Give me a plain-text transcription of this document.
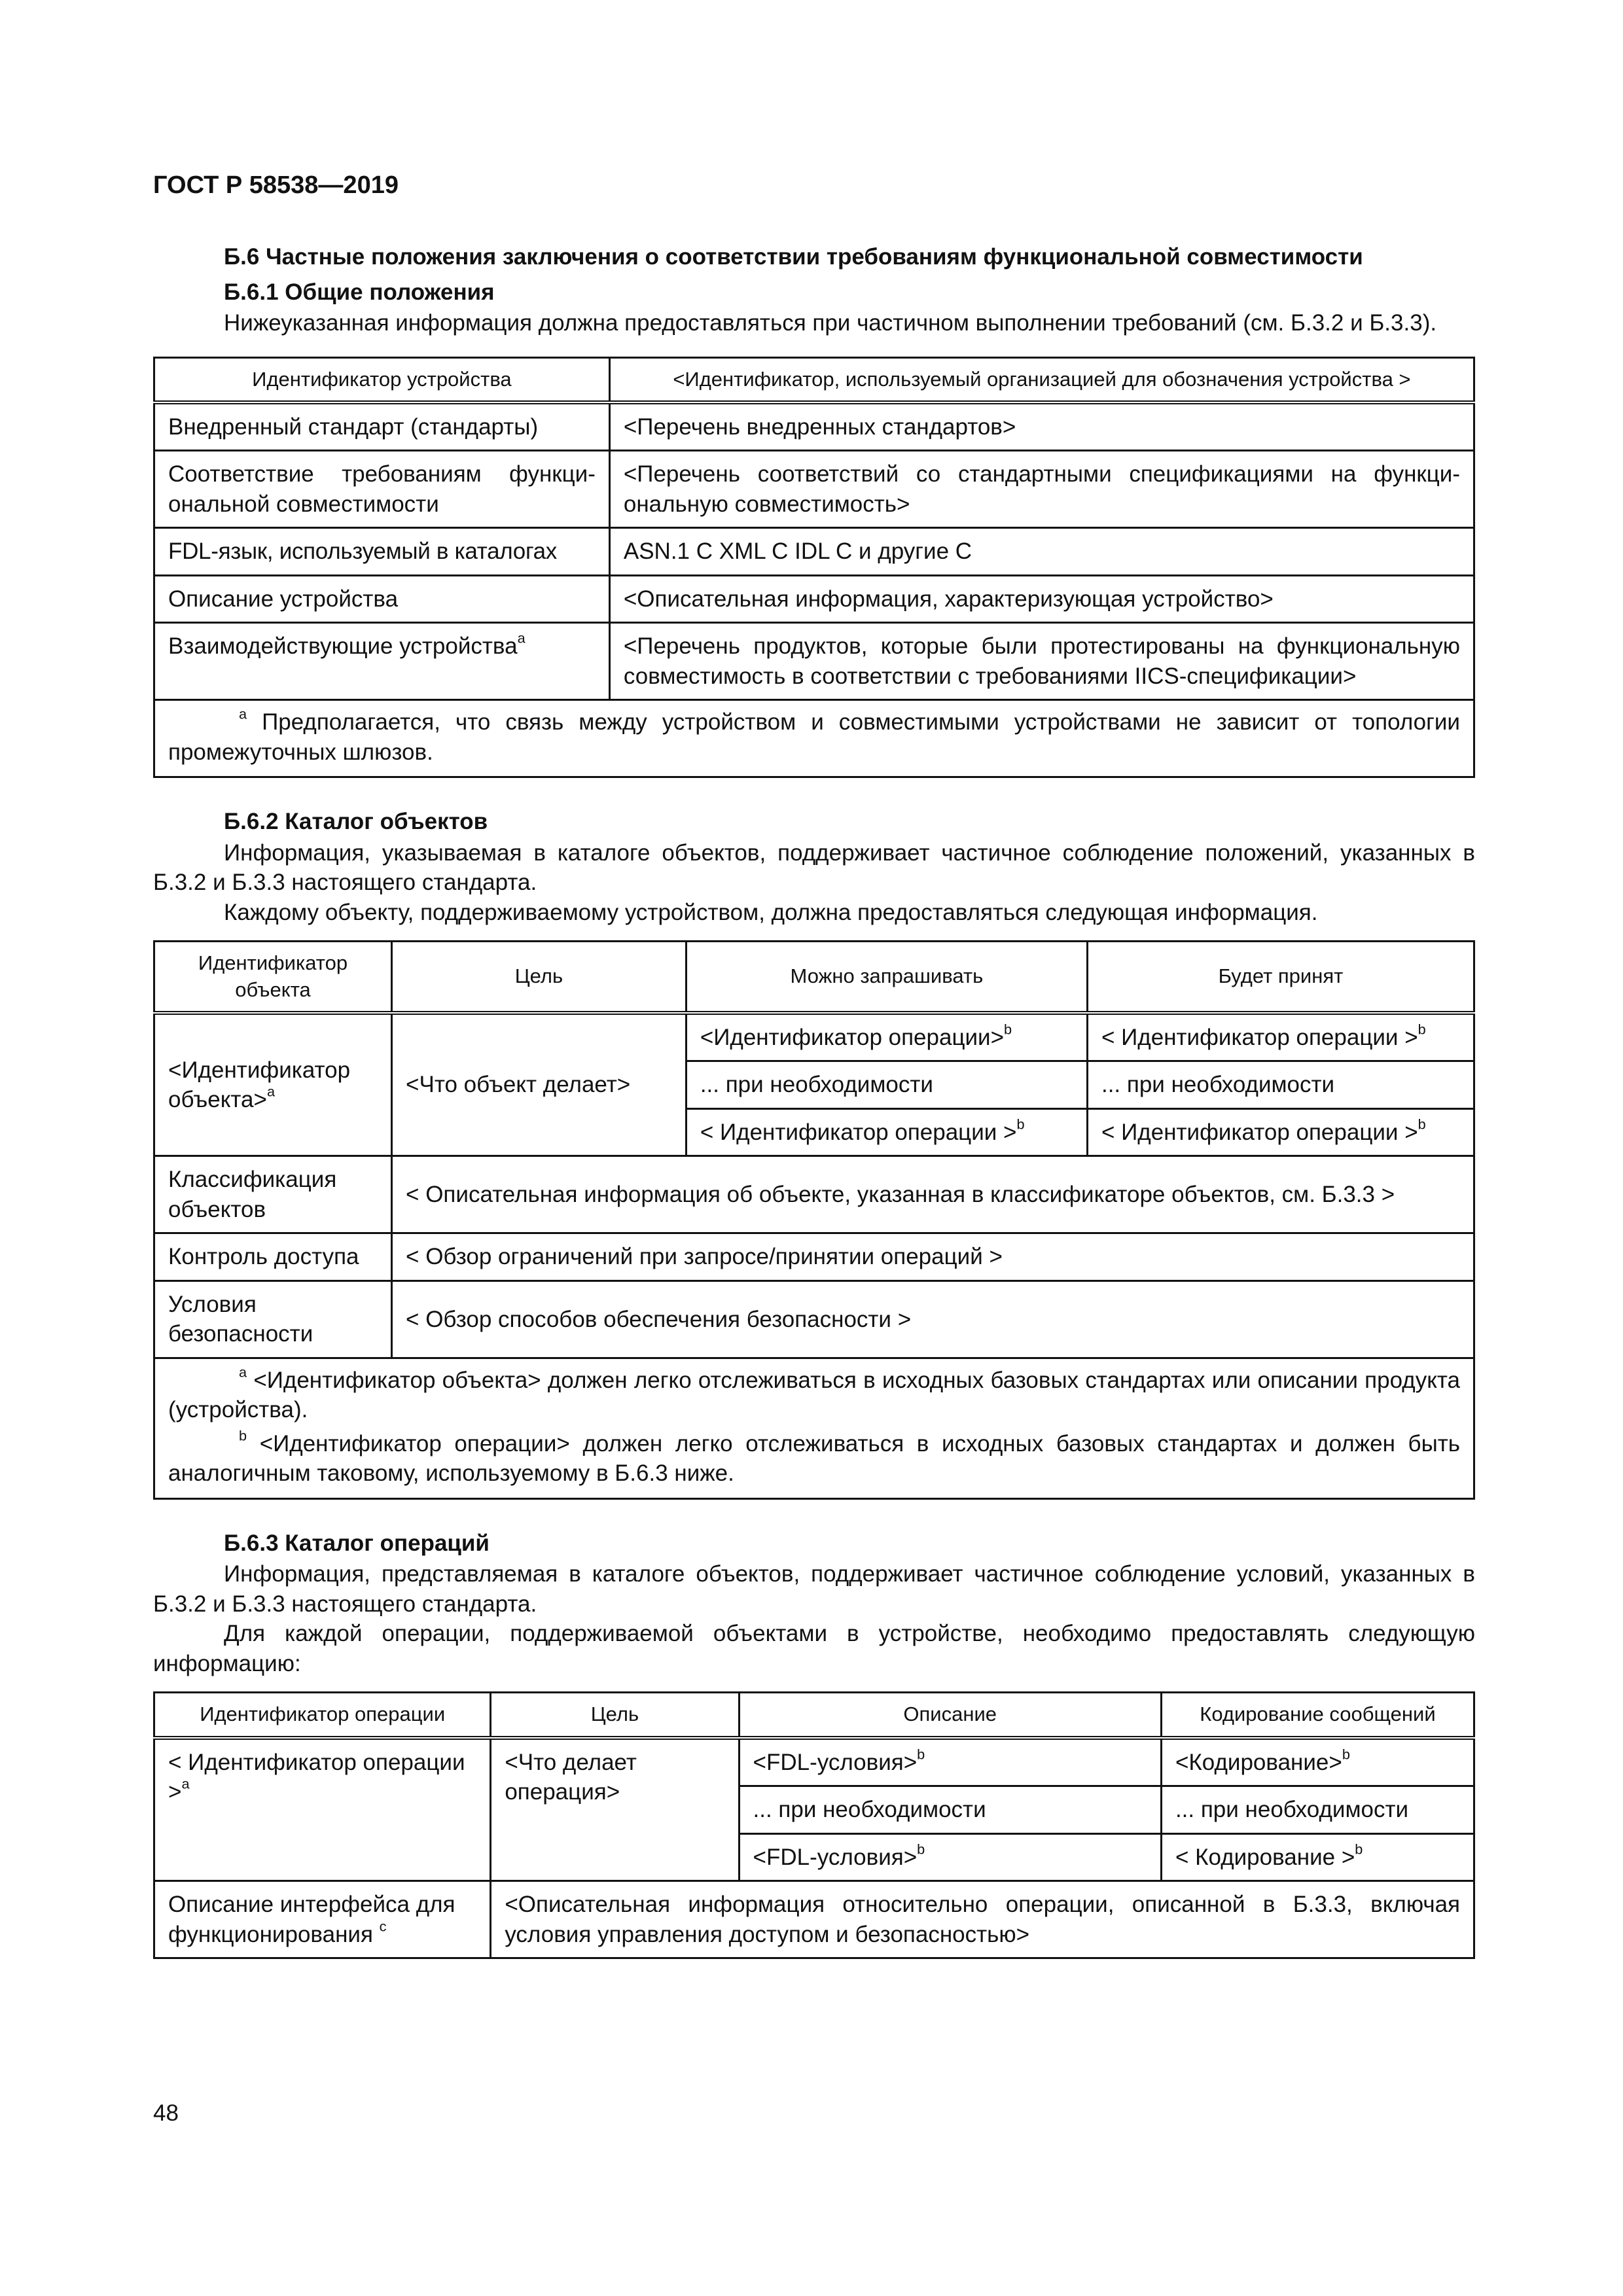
ГОСТ Р 58538—2019
Б.6 Частные положения заключения о соответствии требованиям функциональной совместимости
Б.6.1 Общие положения

Нижеуказанная информация должна предоставляться при частичном выполнении требований (см. Б.3.2 и Б.3.3).

Идентификатор устройства	<Идентификатор, используемый организацией для обозначения устройства >
Внедренный стандарт (стандарты)	<Перечень внедренных стандартов>
Соответствие требованиям функциональной совместимости	<Перечень соответствий со стандартными спецификациями на функциональную совместимость>
FDL-язык, используемый в каталогах	ASN.1 C XML C IDL C и другие C
Описание устройства	<Описательная информация, характеризующая устройство>
Взаимодействующие устройства$^a$	<Перечень продуктов, которые были протестированы на функциональную совместимость в соответствии с требованиями IICS-спецификации>

$^a$ Предполагается, что связь между устройством и совместимыми устройствами не зависит от топологии промежуточных шлюзов.	
Б.6.2 Каталог объектов

Информация, указываемая в каталоге объектов, поддерживает частичное соблюдение положений, указанных в Б.3.2 и Б.3.3 настоящего стандарта.

Каждому объекту, поддерживаемому устройством, должна предоставляться следующая информация.

Идентификатор объекта	Цель	Можно запрашивать	Будет принят
<Идентификатор объекта>$^a$	<Что объект делает>	<Идентификатор операции>$^b$	< Идентификатор операции >$^b$
		... при необходимости	... при необходимости
		< Идентификатор операции >$^b$	< Идентификатор операции >$^b$
Классификация объектов	< Описательная информация об объекте, указанная в классификаторе объектов, см. Б.3.3 >		
Контроль доступа	< Обзор ограничений при запросе/принятии операций >		
Условия безопасности	< Обзор способов обеспечения безопасности >		

$^a$ <Идентификатор объекта> должен легко отслеживаться в исходных базовых стандартах или описании продукта (устройства).
$^b$ <Идентификатор операции> должен легко отслеживаться в исходных базовых стандартах и должен быть аналогичным таковому, используемому в Б.6.3 ниже.			
Б.6.3 Каталог операций

Информация, представляемая в каталоге объектов, поддерживает частичное соблюдение условий, указанных в Б.3.2 и Б.3.3 настоящего стандарта.

Для каждой операции, поддерживаемой объектами в устройстве, необходимо предоставлять следующую информацию:

Идентификатор операции	Цель	Описание	Кодирование сообщений
< Идентификатор операции >$^a$	<Что делает операция>	<FDL-условия>$^b$	<Кодирование>$^b$
		... при необходимости	... при необходимости
		<FDL-условия>$^b$	< Кодирование >$^b$
Описание интерфейса для функционирования $^c$	<Описательная информация относительно операции, описанной в Б.3.3, включая условия управления доступом и безопасностью>		
48
